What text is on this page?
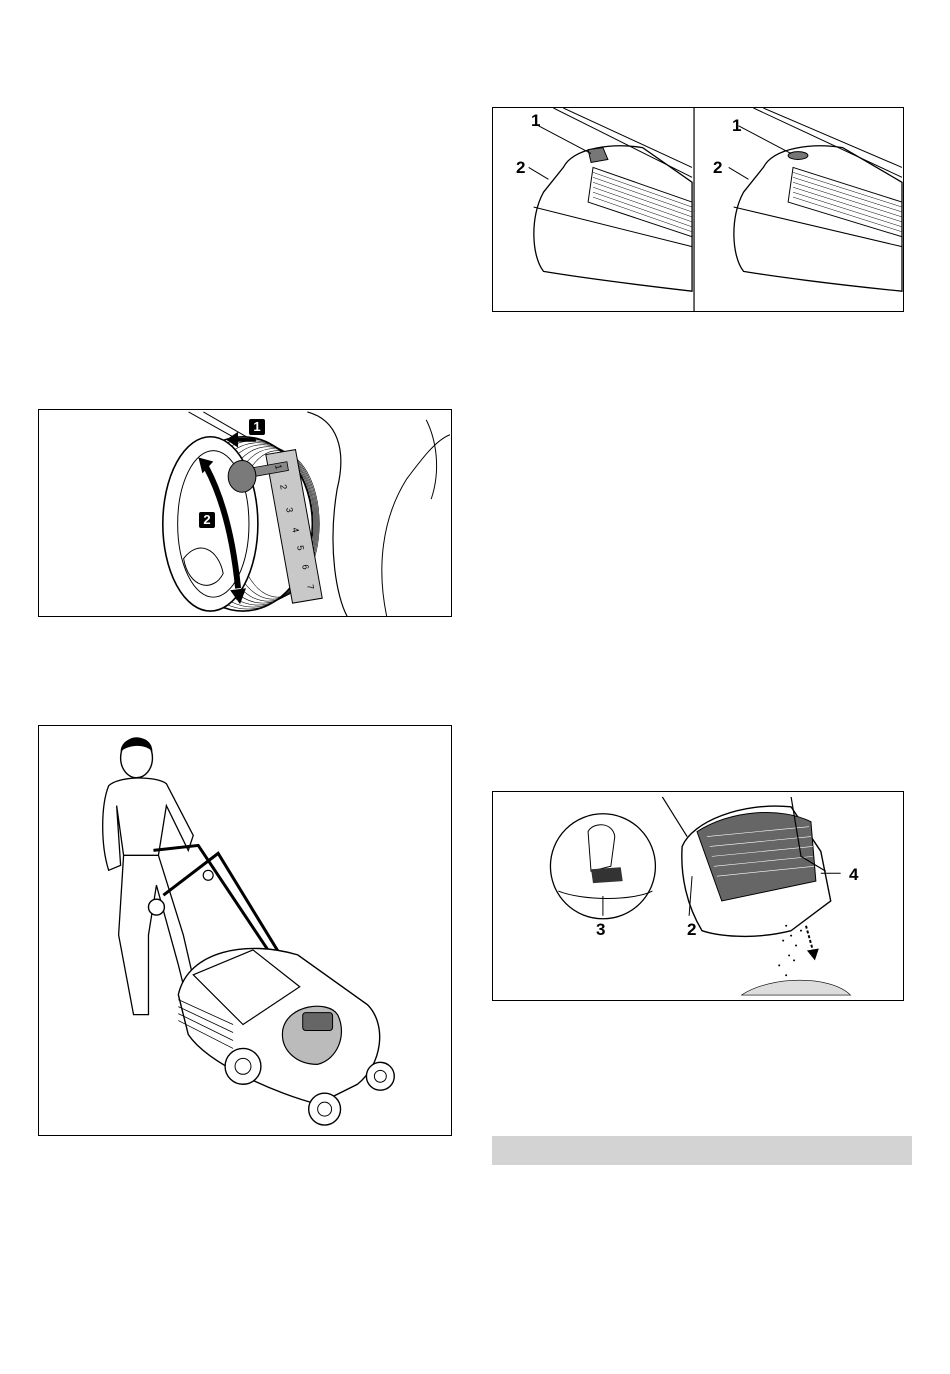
1
2
1
2
3
4
5
6
7
1
2
1
2
3	2
4
